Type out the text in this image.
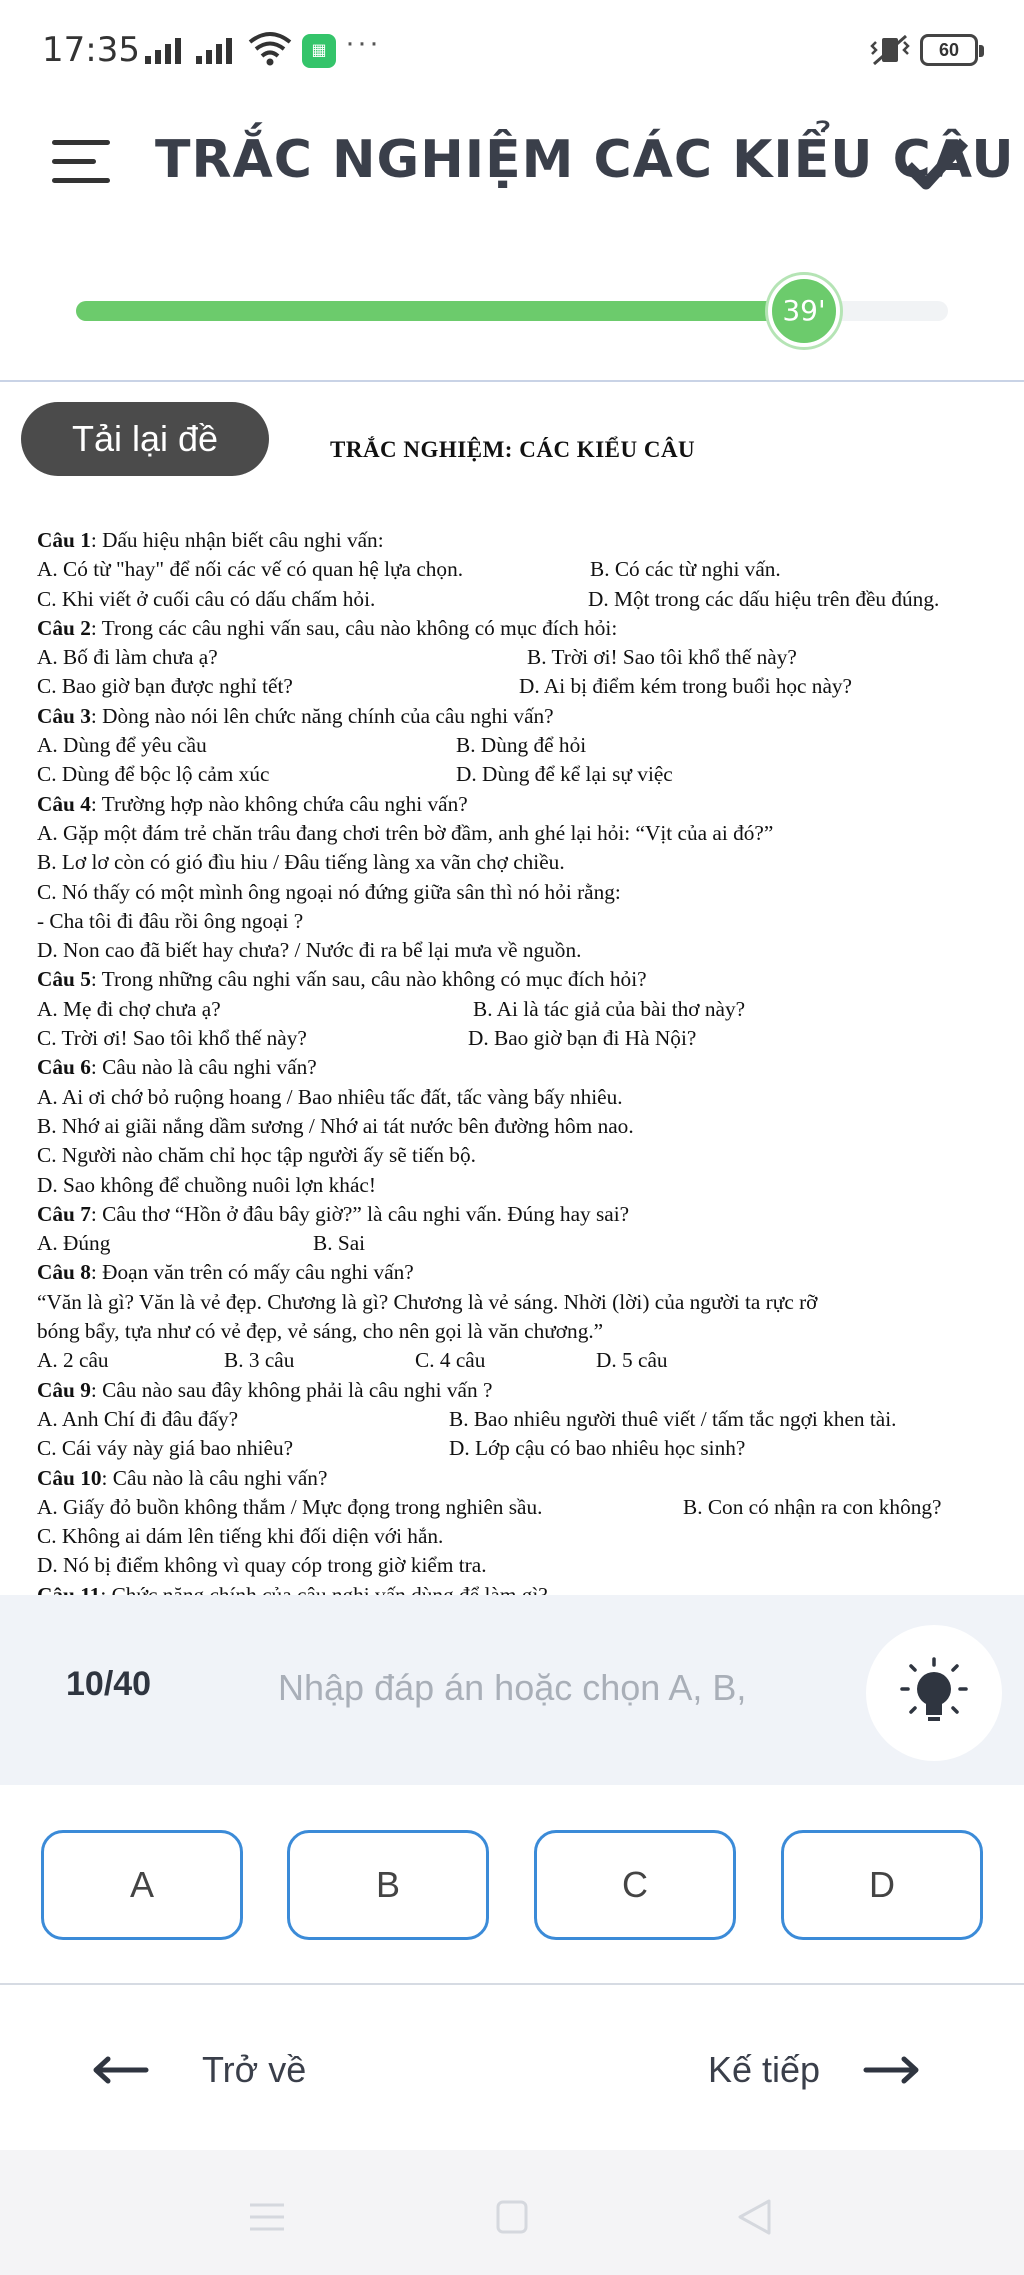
17:35	▦ ···	60
TRẮC NGHIỆM CÁC KIỂU CÂU
39'
Tải lại đề	TRẮC NGHIỆM: CÁC KIỂU CÂU
Câu 1: Dấu hiệu nhận biết câu nghi vấn:
A. Có từ "hay" để nối các vế có quan hệ lựa chọn.	B. Có các từ nghi vấn.
C. Khi viết ở cuối câu có dấu chấm hỏi.	D. Một trong các dấu hiệu trên đều đúng.
Câu 2: Trong các câu nghi vấn sau, câu nào không có mục đích hỏi:
A. Bố đi làm chưa ạ?	B. Trời ơi! Sao tôi khổ thế này?
C. Bao giờ bạn được nghỉ tết?	D. Ai bị điểm kém trong buổi học này?
Câu 3: Dòng nào nói lên chức năng chính của câu nghi vấn?
A. Dùng để yêu cầu	B. Dùng để hỏi
C. Dùng để bộc lộ cảm xúc	D. Dùng để kể lại sự việc
Câu 4: Trường hợp nào không chứa câu nghi vấn?
A. Gặp một đám trẻ chăn trâu đang chơi trên bờ đầm, anh ghé lại hỏi: “Vịt của ai đó?”
B. Lơ lơ còn có gió đìu hiu / Đâu tiếng làng xa vãn chợ chiều.
C. Nó thấy có một mình ông ngoại nó đứng giữa sân thì nó hỏi rằng:
- Cha tôi đi đâu rồi ông ngoại ?
D. Non cao đã biết hay chưa? / Nước đi ra bể lại mưa về nguồn.
Câu 5: Trong những câu nghi vấn sau, câu nào không có mục đích hỏi?
A. Mẹ đi chợ chưa ạ?	B. Ai là tác giả của bài thơ này?
C. Trời ơi! Sao tôi khổ thế này?	D. Bao giờ bạn đi Hà Nội?
Câu 6: Câu nào là câu nghi vấn?
A. Ai ơi chớ bỏ ruộng hoang / Bao nhiêu tấc đất, tấc vàng bấy nhiêu.
B. Nhớ ai giãi nắng dầm sương / Nhớ ai tát nước bên đường hôm nao.
C. Người nào chăm chỉ học tập người ấy sẽ tiến bộ.
D. Sao không để chuồng nuôi lợn khác!
Câu 7: Câu thơ “Hồn ở đâu bây giờ?” là câu nghi vấn. Đúng hay sai?
A. Đúng	B. Sai
Câu 8: Đoạn văn trên có mấy câu nghi vấn?
“Văn là gì? Văn là vẻ đẹp. Chương là gì? Chương là vẻ sáng. Nhời (lời) của người ta rực rỡ
bóng bẩy, tựa như có vẻ đẹp, vẻ sáng, cho nên gọi là văn chương.”
A. 2 câu	B. 3 câu	C. 4 câu	D. 5 câu
Câu 9: Câu nào sau đây không phải là câu nghi vấn ?
A. Anh Chí đi đâu đấy?	B. Bao nhiêu người thuê viết / tấm tắc ngợi khen tài.
C. Cái váy này giá bao nhiêu?	D. Lớp cậu có bao nhiêu học sinh?
Câu 10: Câu nào là câu nghi vấn?
A. Giấy đỏ buồn không thắm / Mực đọng trong nghiên sầu.	B. Con có nhận ra con không?
C. Không ai dám lên tiếng khi đối diện với hắn.
D. Nó bị điểm không vì quay cóp trong giờ kiểm tra.
10/40
Nhập đáp án hoặc chọn A, B,
A	B	C	D
Trở về	Kế tiếp
